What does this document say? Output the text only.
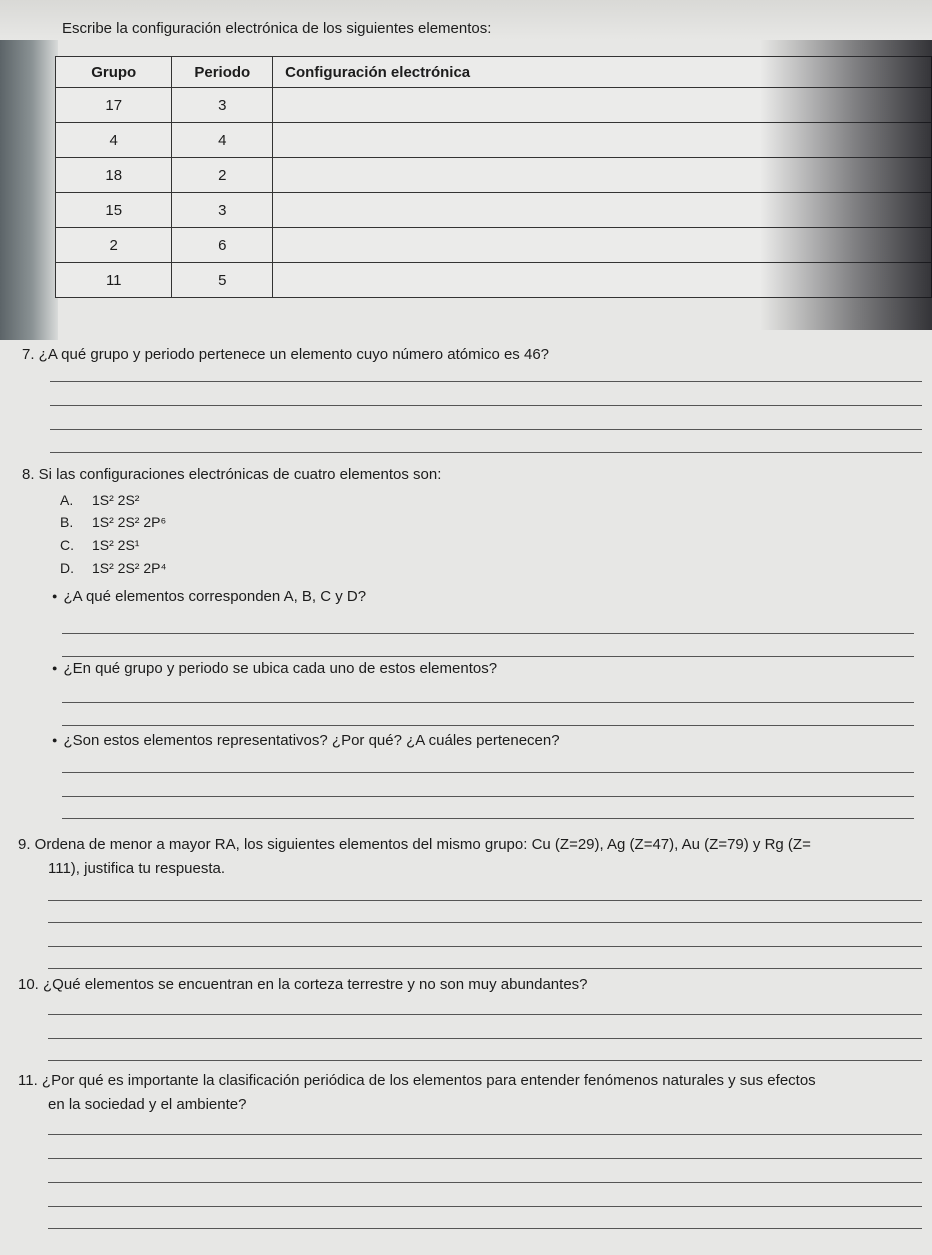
Escribe la configuración electrónica de los siguientes elementos:
Grupo	Periodo	Configuración electrónica
17	3	
4	4	
18	2	
15	3	
2	6	
11	5	
7. ¿A qué grupo y periodo pertenece un elemento cuyo número atómico es 46?
8. Si las configuraciones electrónicas de cuatro elementos son:
A. 1S² 2S²
B. 1S² 2S² 2P⁶
C. 1S² 2S¹
D. 1S² 2S² 2P⁴
● ¿A qué elementos corresponden A, B, C y D?
● ¿En qué grupo y periodo se ubica cada uno de estos elementos?
● ¿Son estos elementos representativos? ¿Por qué? ¿A cuáles pertenecen?
9. Ordena de menor a mayor RA, los siguientes elementos del mismo grupo: Cu (Z=29), Ag (Z=47), Au (Z=79) y Rg (Z=
111), justifica tu respuesta.
10. ¿Qué elementos se encuentran en la corteza terrestre y no son muy abundantes?
11. ¿Por qué es importante la clasificación periódica de los elementos para entender fenómenos naturales y sus efectos
en la sociedad y el ambiente?
